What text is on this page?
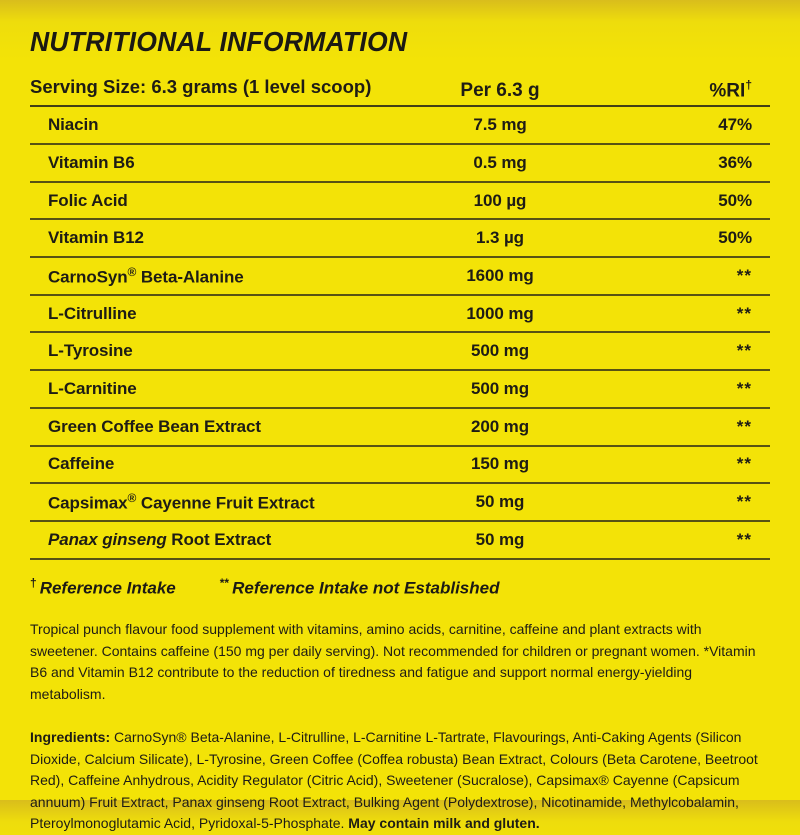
NUTRITIONAL INFORMATION
Serving Size: 6.3 grams (1 level scoop)	Per 6.3 g	%RI†
Niacin	7.5 mg	47%
Vitamin B6	0.5 mg	36%
Folic Acid	100 µg	50%
Vitamin B12	1.3 µg	50%
CarnoSyn® Beta-Alanine	1600 mg	**
L-Citrulline	1000 mg	**
L-Tyrosine	500 mg	**
L-Carnitine	500 mg	**
Green Coffee Bean Extract	200 mg	**
Caffeine	150 mg	**
Capsimax® Cayenne Fruit Extract	50 mg	**
Panax ginseng Root Extract	50 mg	**
† Reference Intake	** Reference Intake not Established
Tropical punch flavour food supplement with vitamins, amino acids, carnitine, caffeine and plant extracts with sweetener. Contains caffeine (150 mg per daily serving). Not recommended for children or pregnant women. *Vitamin B6 and Vitamin B12 contribute to the reduction of tiredness and fatigue and support normal energy-yielding metabolism.
Ingredients: CarnoSyn® Beta-Alanine, L-Citrulline, L-Carnitine L-Tartrate, Flavourings, Anti-Caking Agents (Silicon Dioxide, Calcium Silicate), L-Tyrosine, Green Coffee (Coffea robusta) Bean Extract, Colours (Beta Carotene, Beetroot Red), Caffeine Anhydrous, Acidity Regulator (Citric Acid), Sweetener (Sucralose), Capsimax® Cayenne (Capsicum annuum) Fruit Extract, Panax ginseng Root Extract, Bulking Agent (Polydextrose), Nicotinamide, Methylcobalamin, Pteroylmonoglutamic Acid, Pyridoxal-5-Phosphate. May contain milk and gluten.
